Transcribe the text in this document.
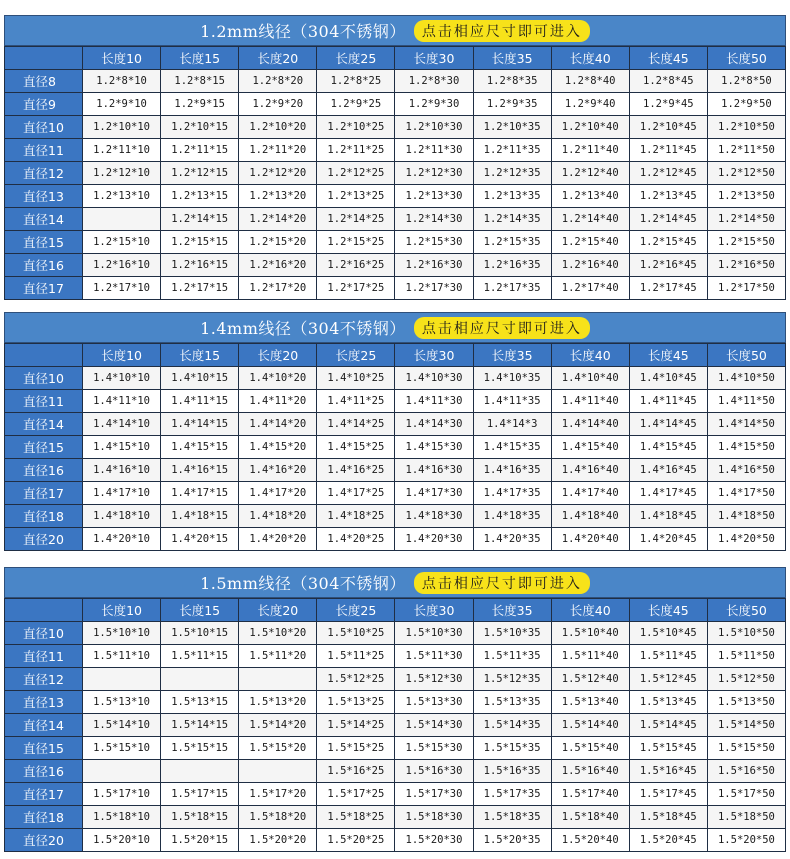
1.2mm线径（304不锈钢）	点击相应尺寸即可进入
	长度10	长度15	长度20	长度25	长度30	长度35	长度40	长度45	长度50
直径8	1.2*8*10	1.2*8*15	1.2*8*20	1.2*8*25	1.2*8*30	1.2*8*35	1.2*8*40	1.2*8*45	1.2*8*50
直径9	1.2*9*10	1.2*9*15	1.2*9*20	1.2*9*25	1.2*9*30	1.2*9*35	1.2*9*40	1.2*9*45	1.2*9*50
直径10	1.2*10*10	1.2*10*15	1.2*10*20	1.2*10*25	1.2*10*30	1.2*10*35	1.2*10*40	1.2*10*45	1.2*10*50
直径11	1.2*11*10	1.2*11*15	1.2*11*20	1.2*11*25	1.2*11*30	1.2*11*35	1.2*11*40	1.2*11*45	1.2*11*50
直径12	1.2*12*10	1.2*12*15	1.2*12*20	1.2*12*25	1.2*12*30	1.2*12*35	1.2*12*40	1.2*12*45	1.2*12*50
直径13	1.2*13*10	1.2*13*15	1.2*13*20	1.2*13*25	1.2*13*30	1.2*13*35	1.2*13*40	1.2*13*45	1.2*13*50
直径14		1.2*14*15	1.2*14*20	1.2*14*25	1.2*14*30	1.2*14*35	1.2*14*40	1.2*14*45	1.2*14*50
直径15	1.2*15*10	1.2*15*15	1.2*15*20	1.2*15*25	1.2*15*30	1.2*15*35	1.2*15*40	1.2*15*45	1.2*15*50
直径16	1.2*16*10	1.2*16*15	1.2*16*20	1.2*16*25	1.2*16*30	1.2*16*35	1.2*16*40	1.2*16*45	1.2*16*50
直径17	1.2*17*10	1.2*17*15	1.2*17*20	1.2*17*25	1.2*17*30	1.2*17*35	1.2*17*40	1.2*17*45	1.2*17*50
1.4mm线径（304不锈钢）	点击相应尺寸即可进入
	长度10	长度15	长度20	长度25	长度30	长度35	长度40	长度45	长度50
直径10	1.4*10*10	1.4*10*15	1.4*10*20	1.4*10*25	1.4*10*30	1.4*10*35	1.4*10*40	1.4*10*45	1.4*10*50
直径11	1.4*11*10	1.4*11*15	1.4*11*20	1.4*11*25	1.4*11*30	1.4*11*35	1.4*11*40	1.4*11*45	1.4*11*50
直径14	1.4*14*10	1.4*14*15	1.4*14*20	1.4*14*25	1.4*14*30	1.4*14*3	1.4*14*40	1.4*14*45	1.4*14*50
直径15	1.4*15*10	1.4*15*15	1.4*15*20	1.4*15*25	1.4*15*30	1.4*15*35	1.4*15*40	1.4*15*45	1.4*15*50
直径16	1.4*16*10	1.4*16*15	1.4*16*20	1.4*16*25	1.4*16*30	1.4*16*35	1.4*16*40	1.4*16*45	1.4*16*50
直径17	1.4*17*10	1.4*17*15	1.4*17*20	1.4*17*25	1.4*17*30	1.4*17*35	1.4*17*40	1.4*17*45	1.4*17*50
直径18	1.4*18*10	1.4*18*15	1.4*18*20	1.4*18*25	1.4*18*30	1.4*18*35	1.4*18*40	1.4*18*45	1.4*18*50
直径20	1.4*20*10	1.4*20*15	1.4*20*20	1.4*20*25	1.4*20*30	1.4*20*35	1.4*20*40	1.4*20*45	1.4*20*50
1.5mm线径（304不锈钢）	点击相应尺寸即可进入
	长度10	长度15	长度20	长度25	长度30	长度35	长度40	长度45	长度50
直径10	1.5*10*10	1.5*10*15	1.5*10*20	1.5*10*25	1.5*10*30	1.5*10*35	1.5*10*40	1.5*10*45	1.5*10*50
直径11	1.5*11*10	1.5*11*15	1.5*11*20	1.5*11*25	1.5*11*30	1.5*11*35	1.5*11*40	1.5*11*45	1.5*11*50
直径12				1.5*12*25	1.5*12*30	1.5*12*35	1.5*12*40	1.5*12*45	1.5*12*50
直径13	1.5*13*10	1.5*13*15	1.5*13*20	1.5*13*25	1.5*13*30	1.5*13*35	1.5*13*40	1.5*13*45	1.5*13*50
直径14	1.5*14*10	1.5*14*15	1.5*14*20	1.5*14*25	1.5*14*30	1.5*14*35	1.5*14*40	1.5*14*45	1.5*14*50
直径15	1.5*15*10	1.5*15*15	1.5*15*20	1.5*15*25	1.5*15*30	1.5*15*35	1.5*15*40	1.5*15*45	1.5*15*50
直径16				1.5*16*25	1.5*16*30	1.5*16*35	1.5*16*40	1.5*16*45	1.5*16*50
直径17	1.5*17*10	1.5*17*15	1.5*17*20	1.5*17*25	1.5*17*30	1.5*17*35	1.5*17*40	1.5*17*45	1.5*17*50
直径18	1.5*18*10	1.5*18*15	1.5*18*20	1.5*18*25	1.5*18*30	1.5*18*35	1.5*18*40	1.5*18*45	1.5*18*50
直径20	1.5*20*10	1.5*20*15	1.5*20*20	1.5*20*25	1.5*20*30	1.5*20*35	1.5*20*40	1.5*20*45	1.5*20*50
